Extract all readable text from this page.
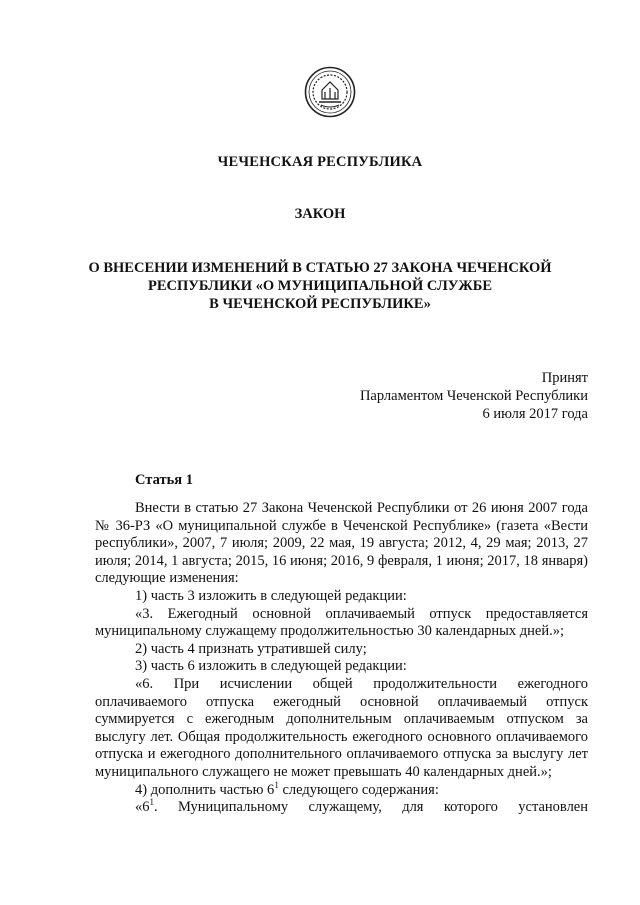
ЧЕЧЕНСКАЯ РЕСПУБЛИКА
ЗАКОН
О ВНЕСЕНИИ ИЗМЕНЕНИЙ В СТАТЬЮ 27 ЗАКОНА ЧЕЧЕНСКОЙ
РЕСПУБЛИКИ «О МУНИЦИПАЛЬНОЙ СЛУЖБЕ
В ЧЕЧЕНСКОЙ РЕСПУБЛИКЕ»
Принят
Парламентом Чеченской Республики
6 июля 2017 года
Статья 1

Внести в статью 27 Закона Чеченской Республики от 26 июня 2007 года № 36-РЗ «О муниципальной службе в Чеченской Республике» (газета «Вести республики», 2007, 7 июля; 2009, 22 мая, 19 августа; 2012, 4, 29 мая; 2013, 27 июля; 2014, 1 августа; 2015, 16 июня; 2016, 9 февраля, 1 июня; 2017, 18 января) следующие изменения:

1) часть 3 изложить в следующей редакции:

«3. Ежегодный основной оплачиваемый отпуск предоставляется муниципальному служащему продолжительностью 30 календарных дней.»;

2) часть 4 признать утратившей силу;

3) часть 6 изложить в следующей редакции:

«6. При исчислении общей продолжительности ежегодного оплачиваемого отпуска ежегодный основной оплачиваемый отпуск суммируется с ежегодным дополнительным оплачиваемым отпуском за выслугу лет. Общая продолжительность ежегодного основного оплачиваемого отпуска и ежегодного дополнительного оплачиваемого отпуска за выслугу лет муниципального служащего не может превышать 40 календарных дней.»;

4) дополнить частью $6^1$ следующего содержания:

«$6^1$. Муниципальному служащему, для которого установлен
